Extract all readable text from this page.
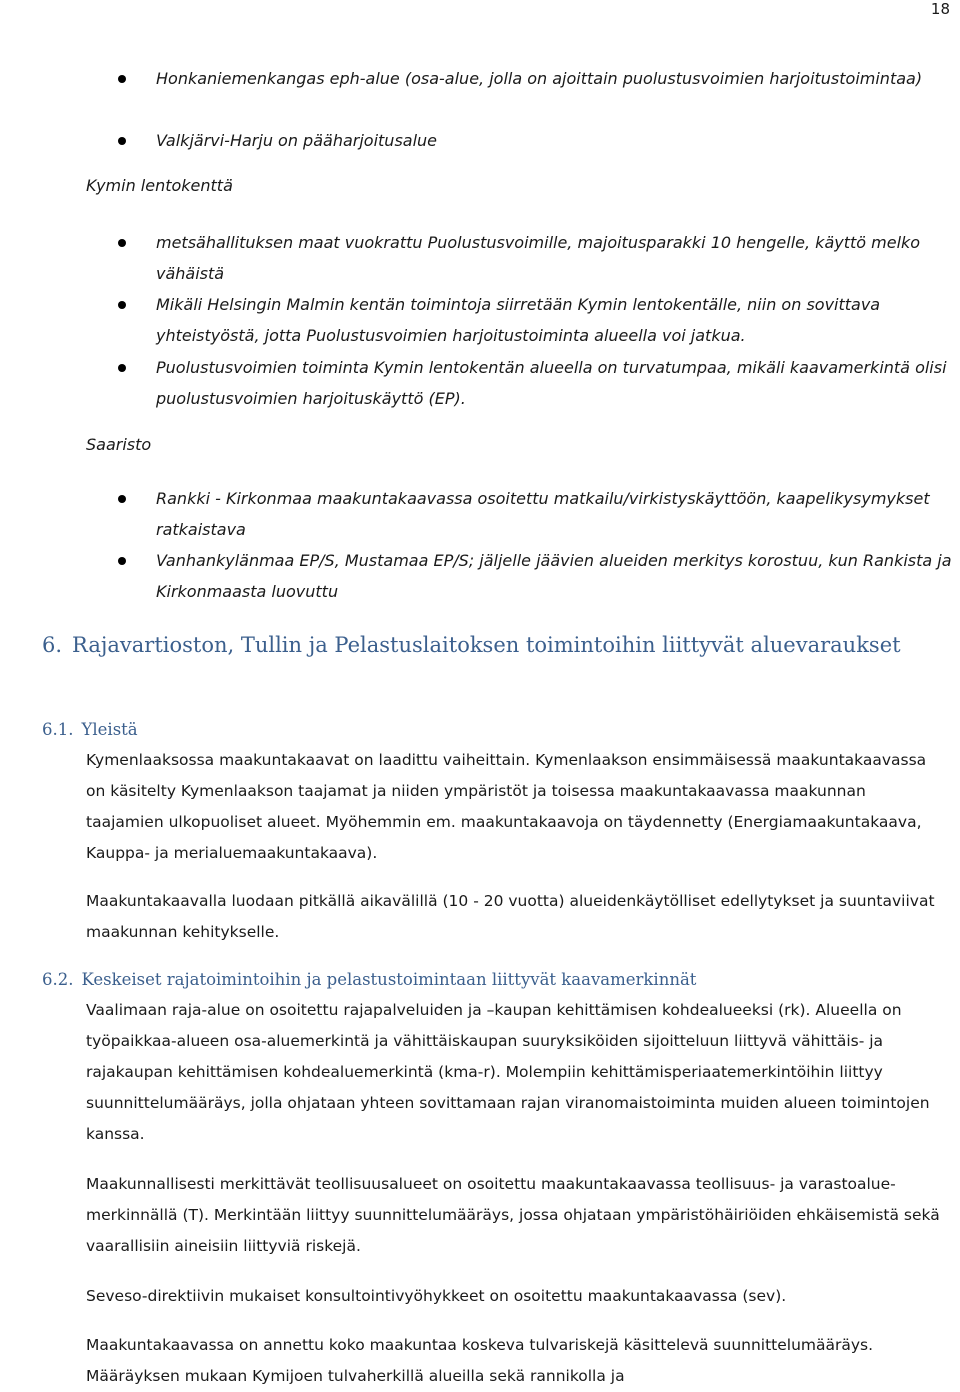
18
Honkaniemenkangas eph-alue (osa-alue, jolla on ajoittain puolustusvoimien harjoitustoimintaa)
Valkjärvi-Harju on pääharjoitusalue
Kymin lentokenttä
metsähallituksen maat vuokrattu Puolustusvoimille, majoitusparakki 10 hengelle, käyttö melko vähäistä
Mikäli Helsingin Malmin kentän toimintoja siirretään Kymin lentokentälle, niin on sovittava yhteistyöstä, jotta Puolustusvoimien harjoitustoiminta alueella voi jatkua.
Puolustusvoimien toiminta Kymin lentokentän alueella on turvatumpaa, mikäli kaavamerkintä olisi puolustusvoimien harjoituskäyttö (EP).
Saaristo
Rankki - Kirkonmaa maakuntakaavassa osoitettu matkailu/virkistyskäyttöön, kaapelikysymykset ratkaistava
Vanhankylänmaa EP/S, Mustamaa EP/S; jäljelle jäävien alueiden merkitys korostuu, kun Rankista ja Kirkonmaasta luovuttu
6. Rajavartioston, Tullin ja Pelastuslaitoksen toimintoihin liittyvät aluevaraukset
6.1. Yleistä

Kymenlaaksossa maakuntakaavat on laadittu vaiheittain. Kymenlaakson ensimmäisessä maakuntakaavassa on käsitelty Kymenlaakson taajamat ja niiden ympäristöt ja toisessa maakuntakaavassa maakunnan taajamien ulkopuoliset alueet. Myöhemmin em. maakuntakaavoja on täydennetty (Energiamaakuntakaava, Kauppa- ja merialuemaakuntakaava).

Maakuntakaavalla luodaan pitkällä aikavälillä (10 - 20 vuotta) alueidenkäytölliset edellytykset ja suuntaviivat maakunnan kehitykselle.

6.2. Keskeiset rajatoimintoihin ja pelastustoimintaan liittyvät kaavamerkinnät

Vaalimaan raja-alue on osoitettu rajapalveluiden ja –kaupan kehittämisen kohdealueeksi (rk). Alueella on työpaikkaa-alueen osa-aluemerkintä ja vähittäiskaupan suuryksiköiden sijoitteluun liittyvä vähittäis- ja rajakaupan kehittämisen kohdealuemerkintä (kma-r). Molempiin kehittämisperiaatemerkintöihin liittyy suunnittelumääräys, jolla ohjataan yhteen sovittamaan rajan viranomaistoiminta muiden alueen toimintojen kanssa.

Maakunnallisesti merkittävät teollisuusalueet on osoitettu maakuntakaavassa teollisuus- ja varastoalue-merkinnällä (T). Merkintään liittyy suunnittelumääräys, jossa ohjataan ympäristöhäiriöiden ehkäisemistä sekä vaarallisiin aineisiin liittyviä riskejä.

Seveso-direktiivin mukaiset konsultointivyöhykkeet on osoitettu maakuntakaavassa (sev).

Maakuntakaavassa on annettu koko maakuntaa koskeva tulvariskejä käsittelevä suunnittelumääräys. Määräyksen mukaan Kymijoen tulvaherkillä alueilla sekä rannikolla ja
